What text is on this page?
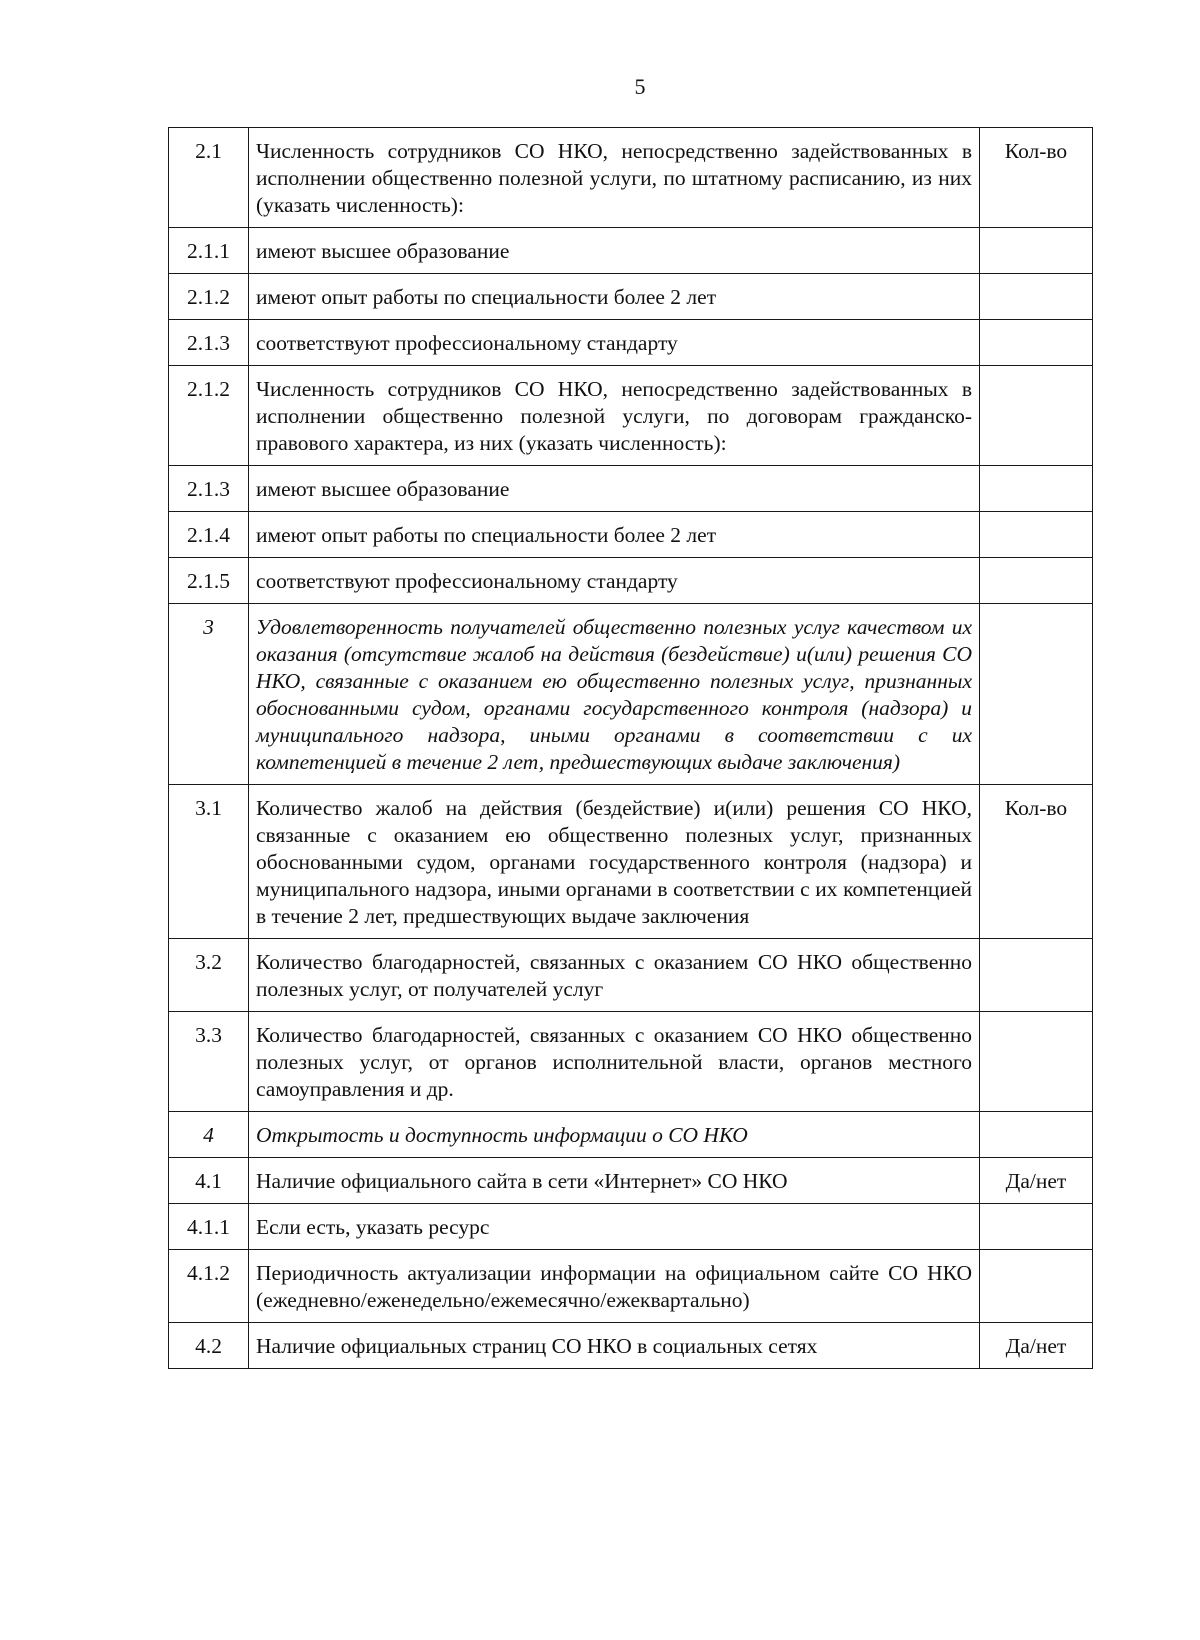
5
2.1	Численность сотрудников СО НКО, непосредственно задействованных в исполнении общественно полезной услуги, по штатному расписанию, из них (указать численность):	Кол-во
2.1.1	имеют высшее образование	
2.1.2	имеют опыт работы по специальности более 2 лет	
2.1.3	соответствуют профессиональному стандарту	
2.1.2	Численность сотрудников СО НКО, непосредственно задействованных в исполнении общественно полезной услуги, по договорам гражданско-правового характера, из них (указать численность):	
2.1.3	имеют высшее образование	
2.1.4	имеют опыт работы по специальности более 2 лет	
2.1.5	соответствуют профессиональному стандарту	
3	Удовлетворенность получателей общественно полезных услуг качеством их оказания (отсутствие жалоб на действия (бездействие) и(или) решения СО НКО, связанные с оказанием ею общественно полезных услуг, признанных обоснованными судом, органами государственного контроля (надзора) и муниципального надзора, иными органами в соответствии с их компетенцией в течение 2 лет, предшествующих выдаче заключения)	
3.1	Количество жалоб на действия (бездействие) и(или) решения СО НКО, связанные с оказанием ею общественно полезных услуг, признанных обоснованными судом, органами государственного контроля (надзора) и муниципального надзора, иными органами в соответствии с их компетенцией в течение 2 лет, предшествующих выдаче заключения	Кол-во
3.2	Количество благодарностей, связанных с оказанием СО НКО общественно полезных услуг, от получателей услуг	
3.3	Количество благодарностей, связанных с оказанием СО НКО общественно полезных услуг, от органов исполнительной власти, органов местного самоуправления и др.	
4	Открытость и доступность информации о СО НКО	
4.1	Наличие официального сайта в сети «Интернет» СО НКО	Да/нет
4.1.1	Если есть, указать ресурс	
4.1.2	Периодичность актуализации информации на официальном сайте СО НКО (ежедневно/еженедельно/ежемесячно/ежеквартально)	
4.2	Наличие официальных страниц СО НКО в социальных сетях	Да/нет
